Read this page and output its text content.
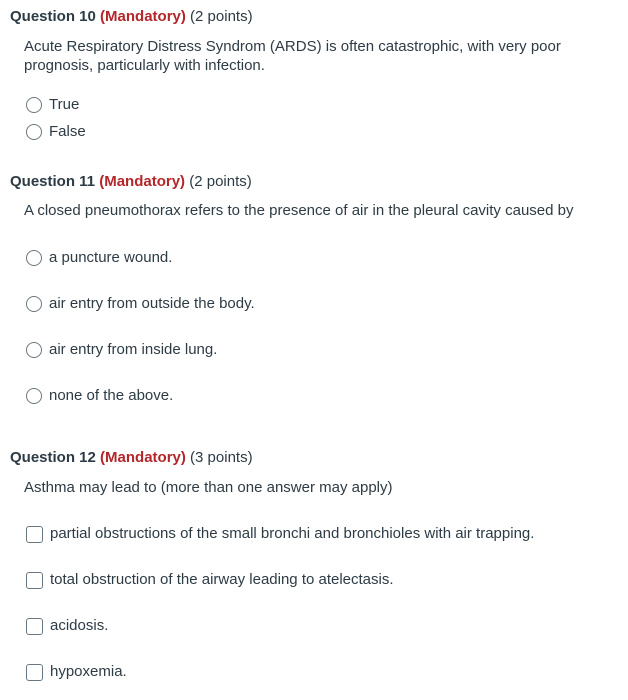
Question 10 (Mandatory) (2 points)
Acute Respiratory Distress Syndrom (ARDS) is often catastrophic, with very poor prognosis, particularly with infection.
True
False
Question 11 (Mandatory) (2 points)
A closed pneumothorax refers to the presence of air in the pleural cavity caused by
a puncture wound.
air entry from outside the body.
air entry from inside lung.
none of the above.
Question 12 (Mandatory) (3 points)
Asthma may lead to (more than one answer may apply)
partial obstructions of the small bronchi and bronchioles with air trapping.
total obstruction of the airway leading to atelectasis.
acidosis.
hypoxemia.
